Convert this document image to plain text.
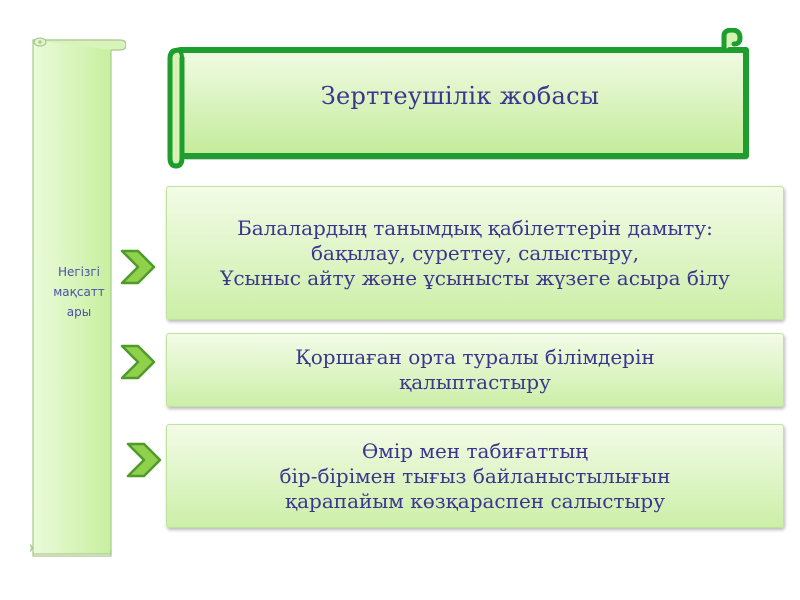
Негізгі
мақсатт
ары
Зерттеушілік жобасы
Балалардың танымдық қабілеттерін дамыту:
бақылау, суреттеу, салыстыру,
Ұсыныс айту және ұсынысты жүзеге асыра білу
Қоршаған орта туралы білімдерін
қалыптастыру
Өмір мен табиғаттың
бір-бірімен тығыз байланыстылығын
қарапайым көзқараспен салыстыру
